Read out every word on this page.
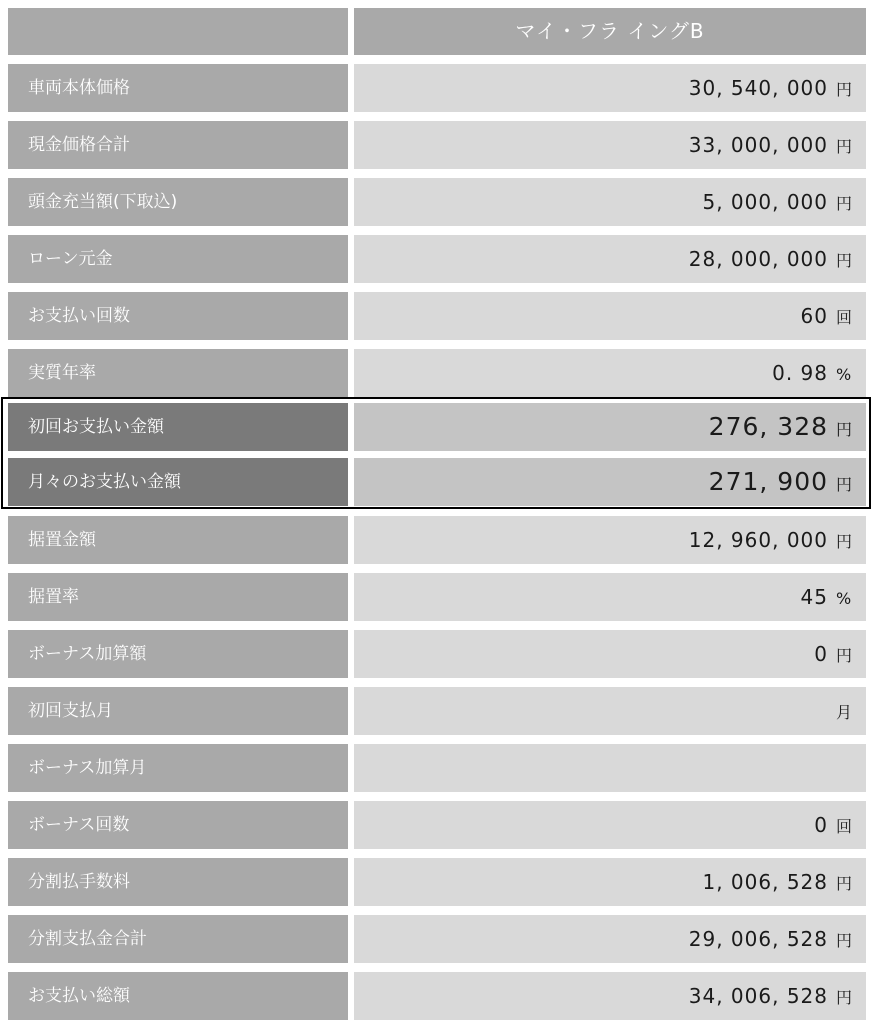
マイ・フラ イングB
車両本体価格	30, 540, 000 円
現金価格合計	33, 000, 000 円
頭金充当額(下取込)	5, 000, 000 円
ローン元金	28, 000, 000 円
お支払い回数	60 回
実質年率	0. 98 %
初回お支払い金額	276, 328 円
月々のお支払い金額	271, 900 円
据置金額	12, 960, 000 円
据置率	45 %
ボーナス加算額	0 円
初回支払月	月
ボーナス加算月
ボーナス回数	0 回
分割払手数料	1, 006, 528 円
分割支払金合計	29, 006, 528 円
お支払い総額	34, 006, 528 円
